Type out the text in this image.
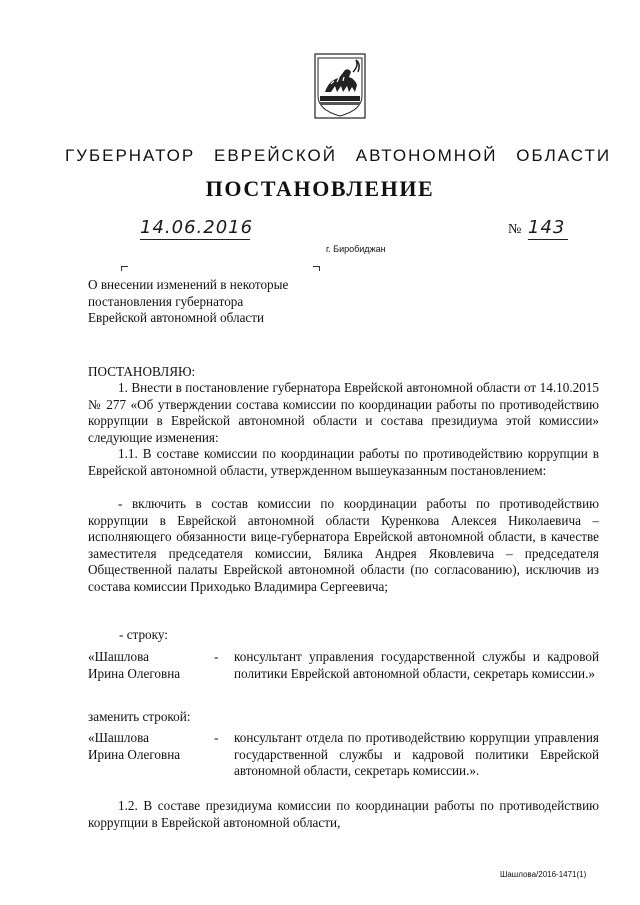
ГУБЕРНАТОР ЕВРЕЙСКОЙ АВТОНОМНОЙ ОБЛАСТИ
ПОСТАНОВЛЕНИЕ
14.06.2016	№ 143
г. Биробиджан
О внесении изменений в некоторые
постановления губернатора
Еврейской автономной области
ПОСТАНОВЛЯЮ:
1. Внести в постановление губернатора Еврейской автономной области от 14.10.2015 № 277 «Об утверждении состава комиссии по координации работы по противодействию коррупции в Еврейской автономной области и состава президиума этой комиссии» следующие изменения:
1.1. В составе комиссии по координации работы по противодействию коррупции в Еврейской автономной области, утвержденном вышеуказанным постановлением:
- включить в состав комиссии по координации работы по противодействию коррупции в Еврейской автономной области Куренкова Алексея Николаевича – исполняющего обязанности вице-губернатора Еврейской автономной области, в качестве заместителя председателя комиссии, Бялика Андрея Яковлевича – председателя Общественной палаты Еврейской автономной области (по согласованию), исключив из состава комиссии Приходько Владимира Сергеевича;
- строку:
«Шашлова
Ирина Олеговна
- консультант управления государственной службы и кадровой политики Еврейской автономной области, секретарь комиссии.»
заменить строкой:
«Шашлова
Ирина Олеговна
- консультант отдела по противодействию коррупции управления государственной службы и кадровой политики Еврейской автономной области, секретарь комиссии.».
1.2. В составе президиума комиссии по координации работы по противодействию коррупции в Еврейской автономной области,
Шашлова/2016-1471(1)
